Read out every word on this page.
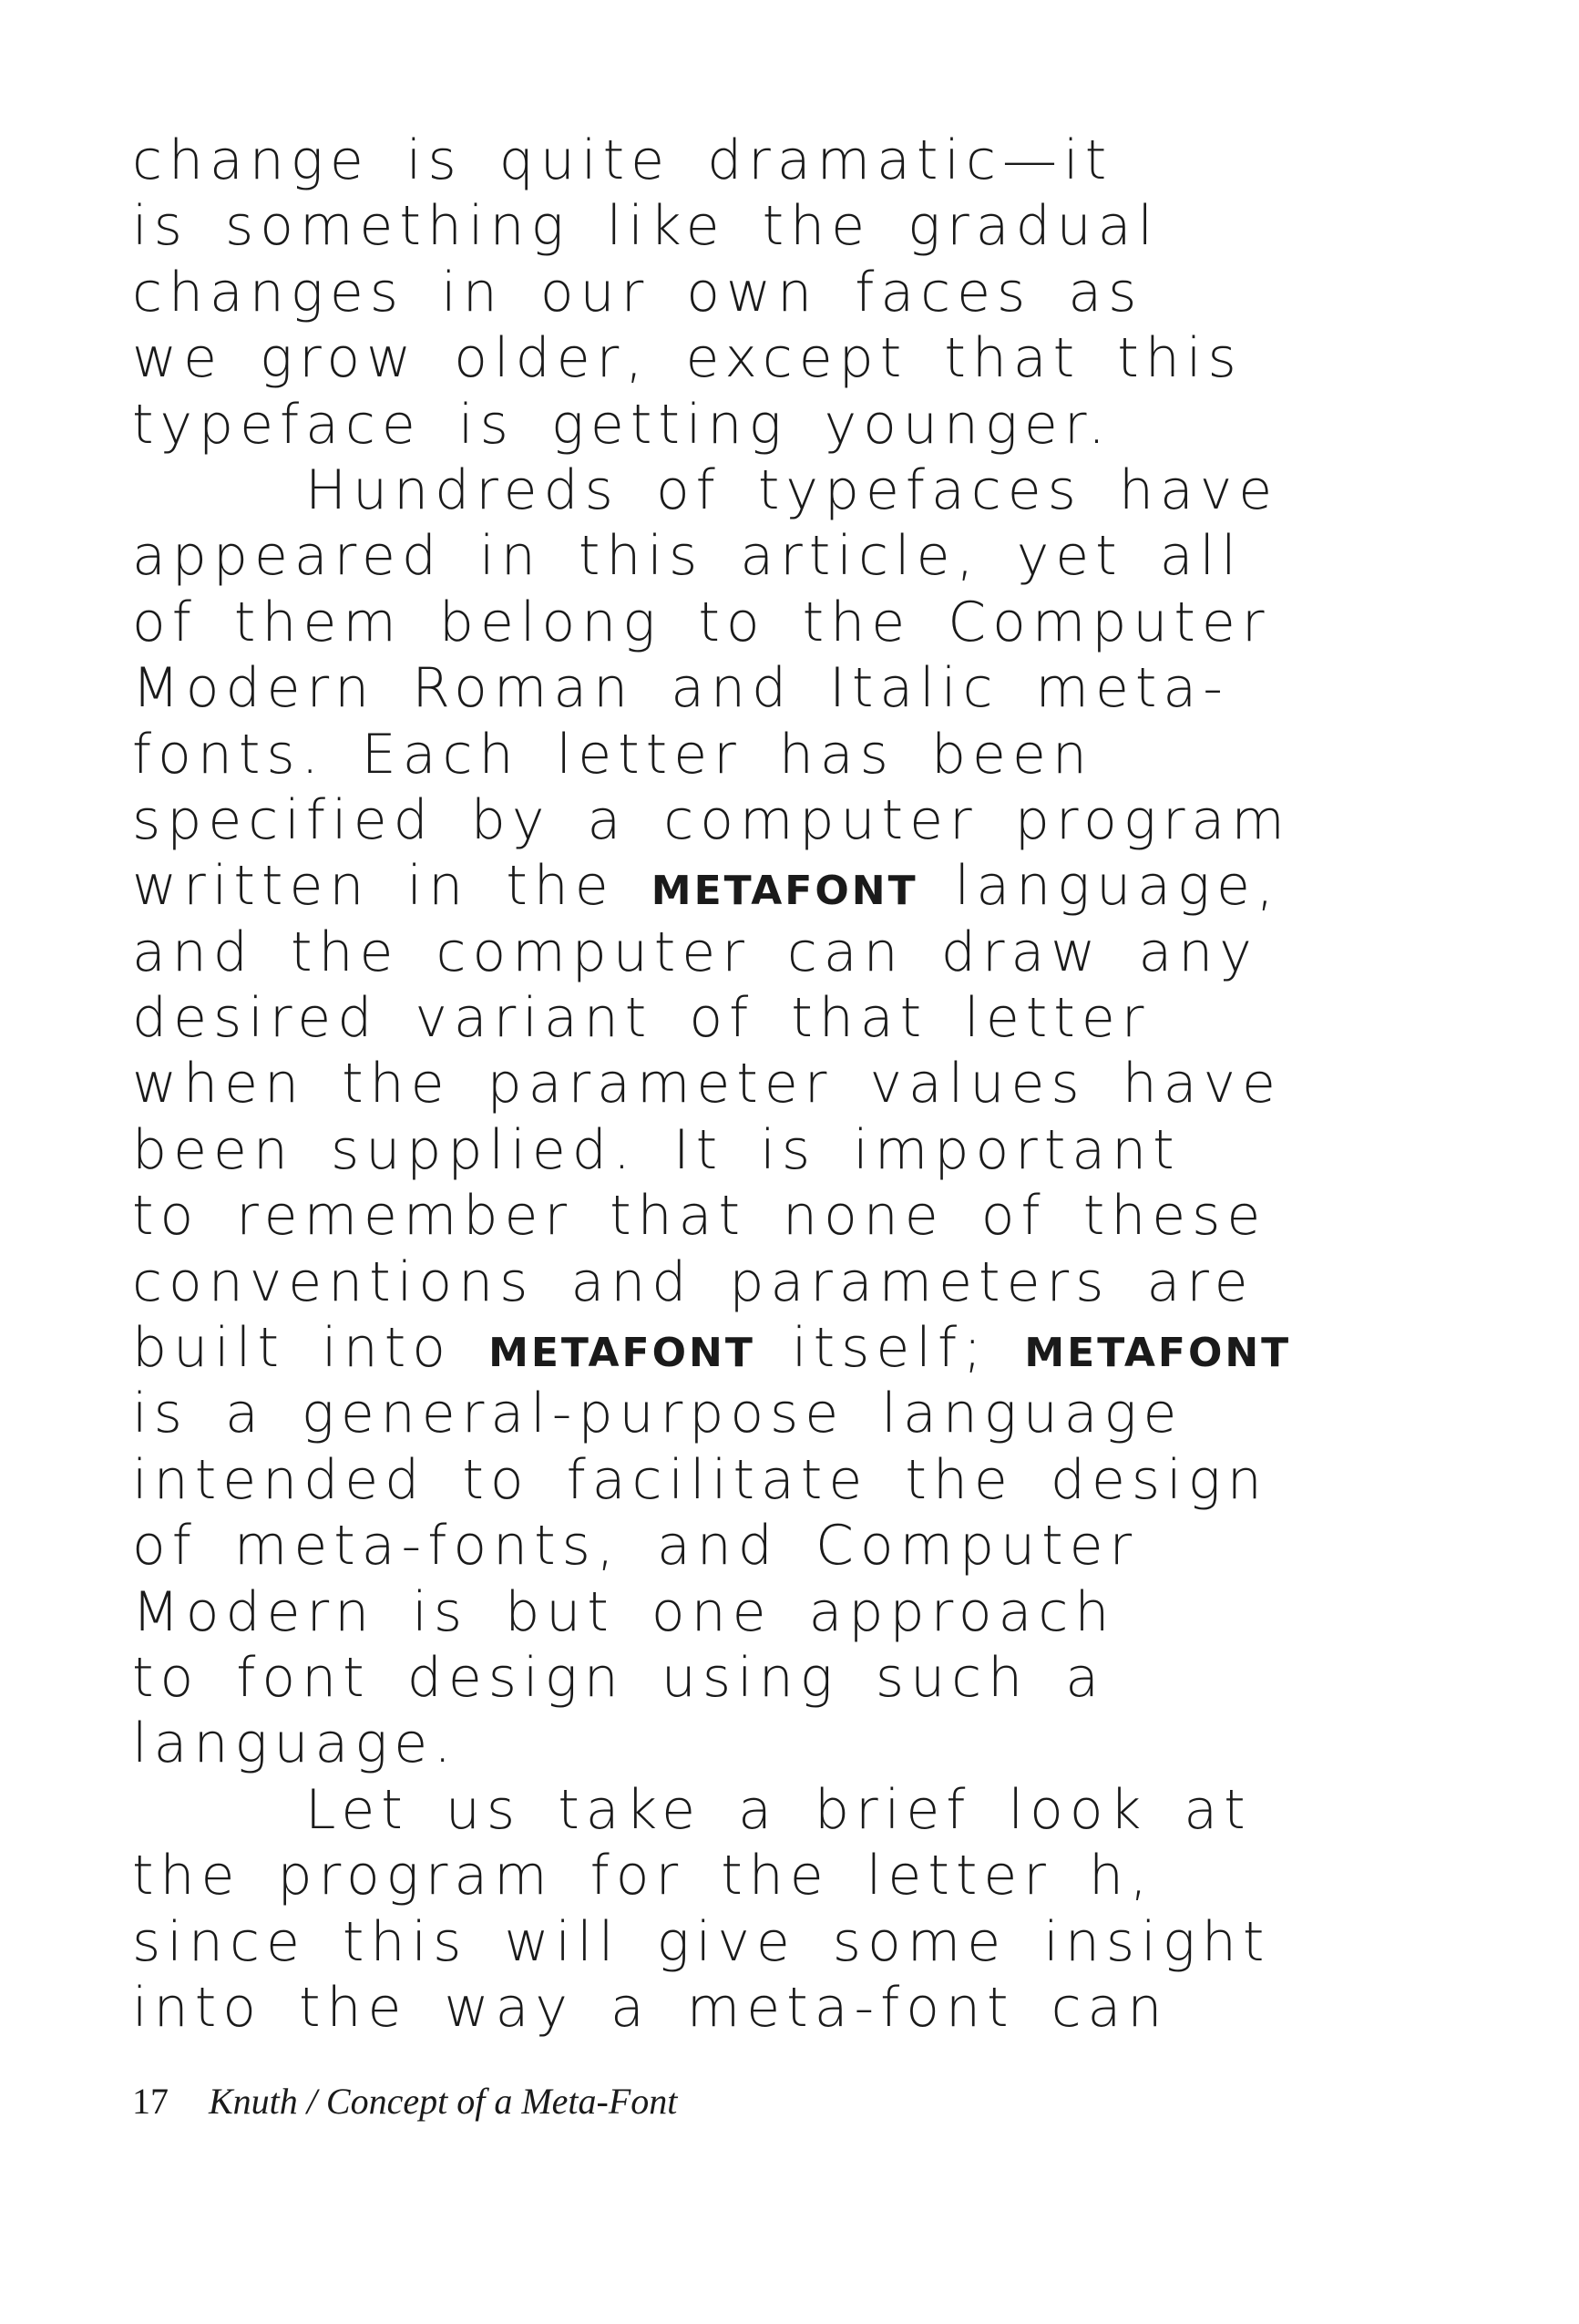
change is quite dramatic—it
is something like the gradual
changes in our own faces as
we grow older, except that this
typeface is getting younger.
Hundreds of typefaces have
appeared in this article, yet all
of them belong to the Computer
Modern Roman and Italic meta-
fonts. Each letter has been
specified by a computer program
written in the METAFONT language,
and the computer can draw any
desired variant of that letter
when the parameter values have
been supplied. It is important
to remember that none of these
conventions and parameters are
built into METAFONT itself; METAFONT
is a general-purpose language
intended to facilitate the design
of meta-fonts, and Computer
Modern is but one approach
to font design using such a
language.
Let us take a brief look at
the program for the letter h,
since this will give some insight
into the way a meta-font can
17 Knuth / Concept of a Meta-Font
